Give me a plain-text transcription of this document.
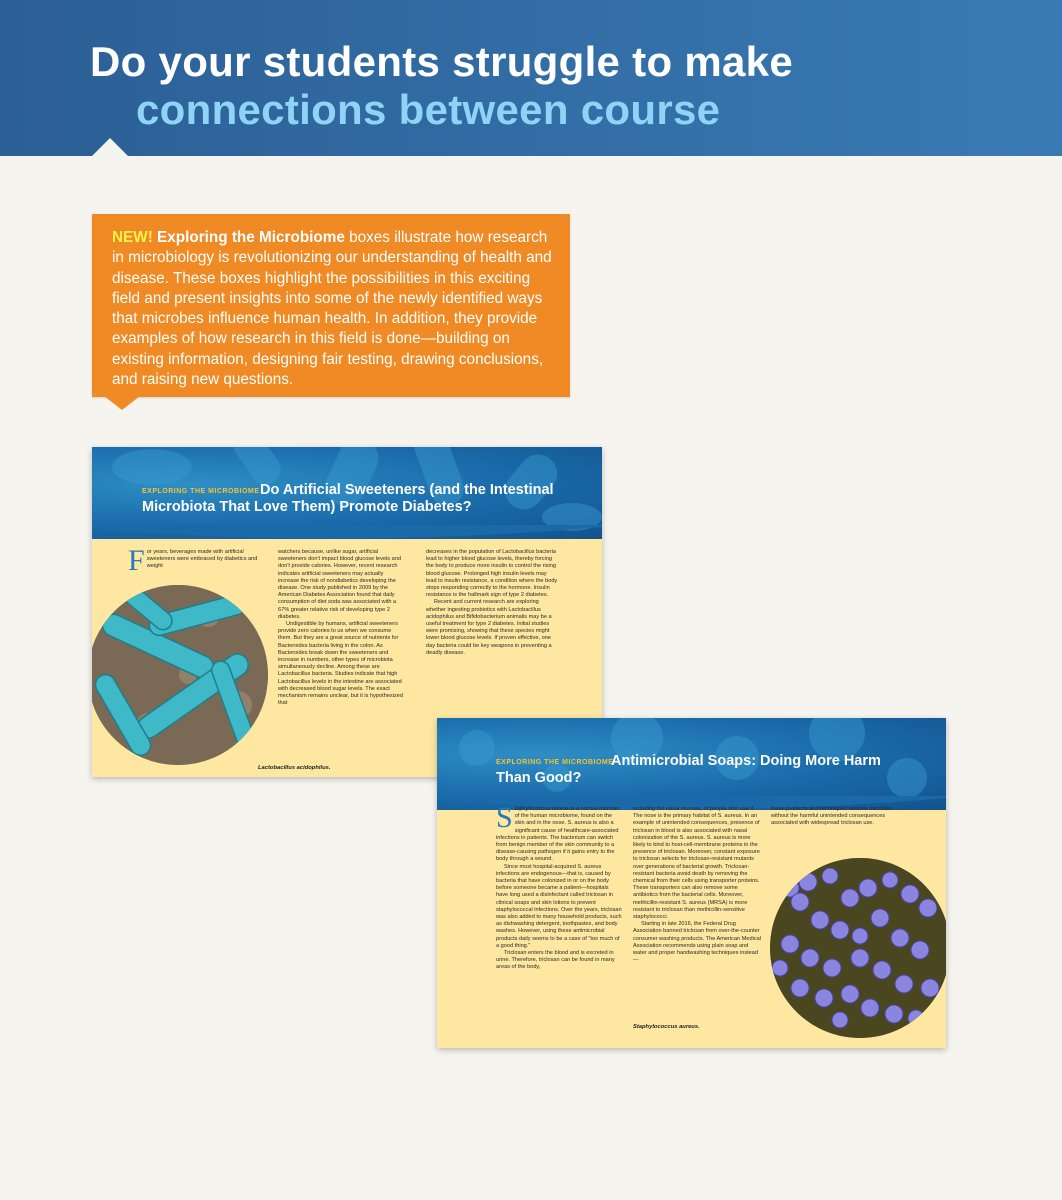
Do your students struggle to make
connections between course
NEW! Exploring the Microbiome boxes illustrate how research in microbiology is revolutionizing our understanding of health and disease. These boxes highlight the possibilities in this exciting field and present insights into some of the newly identified ways that microbes influence human health. In addition, they provide examples of how research in this field is done—building on existing information, designing fair testing, drawing conclusions, and raising new questions.
EXPLORING THE MICROBIOME Do Artificial Sweeteners (and the Intestinal Microbiota That Love Them) Promote Diabetes?

For years, beverages made with artificial sweeteners were embraced by diabetics and weight

watchers because, unlike sugar, artificial sweeteners don't impact blood glucose levels and don't provide calories. However, recent research indicates artificial sweeteners may actually increase the risk of nondiabetics developing the disease. One study published in 2009 by the American Diabetes Association found that daily consumption of diet soda was associated with a 67% greater relative risk of developing type 2 diabetes.

Undigestible by humans, artificial sweeteners provide zero calories to us when we consume them. But they are a great source of nutrients for Bacteroides bacteria living in the colon. As Bacteroides break down the sweeteners and increase in numbers, other types of microbiota simultaneously decline. Among these are Lactobacillus bacteria. Studies indicate that high Lactobacillus levels in the intestine are associated with decreased blood sugar levels. The exact mechanism remains unclear, but it is hypothesized that

decreases in the population of Lactobacillus bacteria lead to higher blood glucose levels, thereby forcing the body to produce more insulin to control the rising blood glucose. Prolonged high insulin levels may lead to insulin resistance, a condition where the body stops responding correctly to the hormone. Insulin resistance is the hallmark sign of type 2 diabetes.

Recent and current research are exploring whether ingesting probiotics with Lactobacillus acidophilus and Bifidobacterium animalis may be a useful treatment for type 2 diabetes. Initial studies were promising, showing that these species might lower blood glucose levels. If proven effective, one day bacteria could be key weapons in preventing a deadly disease.

Lactobacillus acidophilus.
EXPLORING THE MICROBIOME
Antimicrobial Soaps: Doing More Harm
Than Good?

Staphylococcus aureus is a normal member of the human microbiome, found on the skin and in the nose. S. aureus is also a significant cause of healthcare-associated infections in patients. The bacterium can switch from benign member of the skin community to a disease-causing pathogen if it gains entry to the body through a wound.

Since most hospital-acquired S. aureus infections are endogenous—that is, caused by bacteria that have colonized in or on the body before someone became a patient—hospitals have long used a disinfectant called triclosan in clinical soaps and skin lotions to prevent staphylococcal infections. Over the years, triclosan was also added to many household products, such as dishwashing detergent, toothpastes, and body washes. However, using these antimicrobial products daily seems to be a case of "too much of a good thing."

Triclosan enters the blood and is excreted in urine. Therefore, triclosan can be found in many areas of the body,

including the nasal mucosa, of people who use it. The nose is the primary habitat of S. aureus. In an example of unintended consequences, presence of triclosan in blood is also associated with nasal colonization of the S. aureus. S. aureus is more likely to bind to host-cell-membrane proteins in the presence of triclosan. Moreover, constant exposure to triclosan selects for triclosan-resistant mutants over generations of bacterial growth. Triclosan-resistant bacteria avoid death by removing the chemical from their cells using transporter proteins. These transporters can also remove some antibiotics from the bacterial cells. Moreover, methicillin-resistant S. aureus (MRSA) is more resistant to triclosan than methicillin-sensitive staphylococci.

Starting in late 2016, the Federal Drug Association banned triclosan from over-the-counter consumer washing products. The American Medical Association recommends using plain soap and water and proper handwashing techniques instead—

these products and techniques remove microbes without the harmful unintended consequences associated with widespread triclosan use.

Staphylococcus aureus.
